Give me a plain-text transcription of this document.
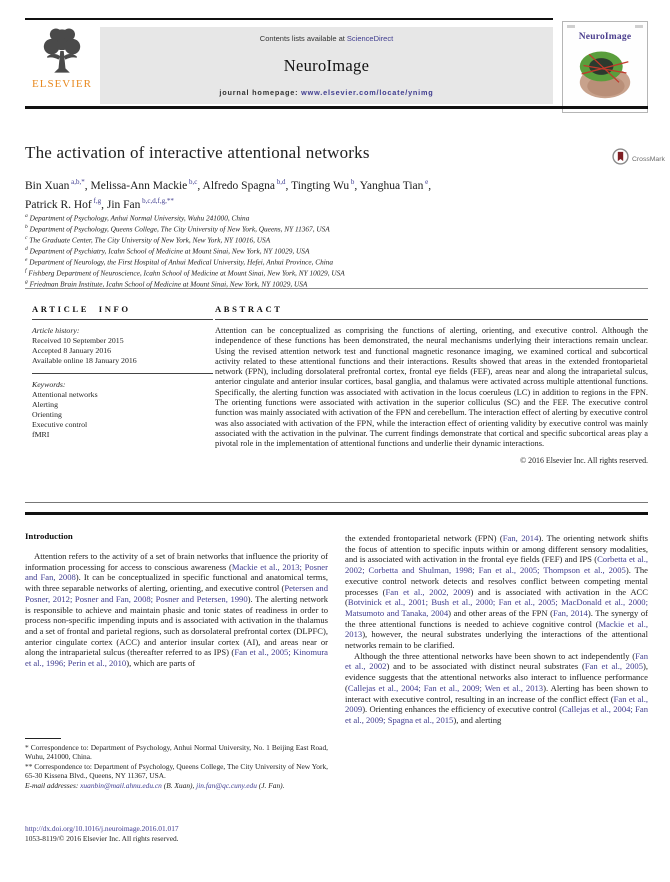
ELSEVIER
Contents lists available at ScienceDirect
NeuroImage
journal homepage: www.elsevier.com/locate/ynimg
NeuroImage
The activation of interactive attentional networks	CrossMark
Bin Xuan $^{a,b,*}$, Melissa-Ann Mackie $^{b,c}$, Alfredo Spagna $^{b,d}$, Tingting Wu $^b$, Yanghua Tian $^e$,
Patrick R. Hof $^{f,g}$, Jin Fan $^{b,c,d,f,g,**}$
$^a$ Department of Psychology, Anhui Normal University, Wuhu 241000, China
$^b$ Department of Psychology, Queens College, The City University of New York, Queens, NY 11367, USA
$^c$ The Graduate Center, The City University of New York, New York, NY 10016, USA
$^d$ Department of Psychiatry, Icahn School of Medicine at Mount Sinai, New York, NY 10029, USA
$^e$ Department of Neurology, the First Hospital of Anhui Medical University, Hefei, Anhui Province, China
$^f$ Fishberg Department of Neuroscience, Icahn School of Medicine at Mount Sinai, New York, NY 10029, USA
$^g$ Friedman Brain Institute, Icahn School of Medicine at Mount Sinai, New York, NY 10029, USA
ARTICLE INFO
Article history:
Received 10 September 2015
Accepted 8 January 2016
Available online 18 January 2016
Keywords:
Attentional networks
Alerting
Orienting
Executive control
fMRI
ABSTRACT

Attention can be conceptualized as comprising the functions of alerting, orienting, and executive control. Although the independence of these functions has been demonstrated, the neural mechanisms underlying their interactions remain unclear. Using the revised attention network test and functional magnetic resonance imaging, we examined cortical and subcortical activity related to these attentional functions and their interactions. Results showed that areas in the extended frontoparietal network (FPN), including dorsolateral prefrontal cortex, frontal eye fields (FEF), areas near and along the intraparietal sulcus, anterior cingulate and anterior insular cortices, basal ganglia, and thalamus were activated across multiple attentional functions. Specifically, the alerting function was associated with activation in the locus coeruleus (LC) in addition to regions in the FPN. The orienting functions were associated with activation in the superior colliculus (SC) and the FEF. The executive control function was mainly associated with activation of the FPN and cerebellum. The interaction effect of alerting by executive control was also associated with activation of the FPN, while the interaction effect of orienting validity by executive control was mainly associated with the activation in the pulvinar. The current findings demonstrate that cortical and specific subcortical areas play a pivotal role in the implementation of attentional functions and underlie their dynamic interactions.

© 2016 Elsevier Inc. All rights reserved.
Introduction

Attention refers to the activity of a set of brain networks that influence the priority of information processing for access to conscious awareness (Mackie et al., 2013; Posner and Fan, 2008). It can be conceptualized in specific functional and anatomical terms, with three separable networks of alerting, orienting, and executive control (Petersen and Posner, 2012; Posner and Fan, 2008; Posner and Petersen, 1990). The alerting network is responsible to achieve and maintain phasic and tonic states of readiness in order to process non-specific impending inputs and is associated with activation in the thalamus and a set of frontal and parietal regions, such as dorsolateral prefrontal cortex (DLPFC), anterior cingulate cortex (ACC) and anterior insular cortex (AI), and areas near or along the intraparietal sulcus (thereafter referred to as IPS) (Fan et al., 2005; Kinomura et al., 1996; Perin et al., 2010), which are parts of

the extended frontoparietal network (FPN) (Fan, 2014). The orienting network shifts the focus of attention to specific inputs within or among different sensory modalities, and is associated with activation in the frontal eye fields (FEF) and IPS (Corbetta et al., 2002; Corbetta and Shulman, 1998; Fan et al., 2005; Thompson et al., 2005). The executive control network detects and resolves conflict between competing mental processes (Fan et al., 2002, 2009) and is associated with activation in the ACC (Botvinick et al., 2001; Bush et al., 2000; Fan et al., 2005; MacDonald et al., 2000; Matsumoto and Tanaka, 2004) and other areas of the FPN (Fan, 2014). The synergy of the three attentional functions is needed to achieve cognitive control (Mackie et al., 2013), however, the neural substrates underlying the interactions of the attentional networks remain to be clarified.

Although the three attentional networks have been shown to act independently (Fan et al., 2002) and to be associated with distinct neural substrates (Fan et al., 2005), evidence suggests that the attentional networks also interact to influence performance (Callejas et al., 2004; Fan et al., 2009; Wen et al., 2013). Alerting has been shown to interact with executive control, resulting in an increase of the conflict effect (Fan et al., 2009). Orienting enhances the efficiency of executive control (Callejas et al., 2004; Fan et al., 2009; Spagna et al., 2015), and alerting

* Correspondence to: Department of Psychology, Anhui Normal University, No. 1 Beijing East Road, Wuhu, 241000, China.

** Correspondence to: Department of Psychology, Queens College, The City University of New York, 65-30 Kissena Blvd., Queens, NY 11367, USA.

E-mail addresses: xuanbin@mail.ahnu.edu.cn (B. Xuan), jin.fan@qc.cuny.edu (J. Fan).

http://dx.doi.org/10.1016/j.neuroimage.2016.01.017
1053-8119/© 2016 Elsevier Inc. All rights reserved.
